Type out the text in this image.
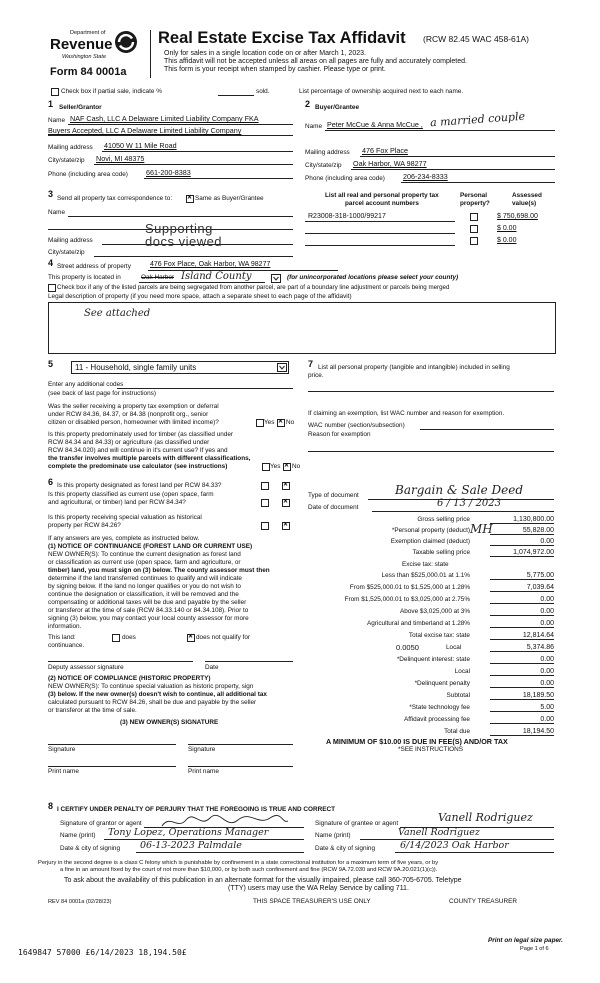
Department of
Revenue
Washington State
Form 84 0001a
Real Estate Excise Tax Affidavit (RCW 82.45 WAC 458-61A)
Only for sales in a single location code on or after March 1, 2023.
This affidavit will not be accepted unless all areas on all pages are fully and accurately completed.
This form is your receipt when stamped by cashier. Please type or print.
Check box if partial sale, indicate %	sold.	List percentage of ownership acquired next to each name.
1 Seller/Grantor
Name NAF Cash, LLC A Delaware Limited Liability Company FKA
Buyers Accepted, LLC A Delaware Limited Liability Company
Mailing address 41050 W 11 Mile Road
City/state/zip Novi, MI 48375
Phone (including area code)	661-200-8383
2 Buyer/Grantee
Name Peter McCue & Anna McCue , a married couple
Mailing address 476 Fox Place
City/state/zip Oak Harbor, WA 98277
Phone (including area code)	206-234-8333
3 Send all property tax correspondence to: ✕	Same as Buyer/Grantee
Name
Supporting
Mailing address	docs viewed
City/state/zip
List all real and personal property tax
parcel account numbers
Personal
property?
Assessed
value(s)
R23008-318-1000/99217	$ 750,698.00
$ 0.00
$ 0.00
4 Street address of property	476 Fox Place, Oak Harbor, WA 98277
This property is located in	Oak Harbor Island County	(for unincorporated locations please select your county)
Check box if any of the listed parcels are being segregated from another parcel, are part of a boundary line adjustment or parcels being merged
Legal description of property (if you need more space, attach a separate sheet to each page of the affidavit)
See attached
5	11 - Household, single family units
Enter any additional codes
(see back of last page for instructions)
Was the seller receiving a property tax exemption or deferral
under RCW 84.36, 84.37, or 84.38 (nonprofit org., senior
citizen or disabled person, homeowner with limited income)?	Yes ✕ No
Is this property predominately used for timber (as classified under
RCW 84.34 and 84.33) or agriculture (as classified under
RCW 84.34.020) and will continue in it's current use? If yes and
the transfer involves multiple parcels with different classifications,
complete the predominate use calculator (see instructions)	Yes ✕ No
7 List all personal property (tangible and intangible) included in selling
price.
If claiming an exemption, list WAC number and reason for exemption.
WAC number (section/subsection)
Reason for exemption
6 Is this property designated as forest land per RCW 84.33?
✕
Is this property classified as current use (open space, farm
and agricultural, or timber) land per RCW 84.34?
✕
Is this property receiving special valuation as historical
property per RCW 84.26?
✕
If any answers are yes, complete as instructed below.
(1) NOTICE OF CONTINUANCE (FOREST LAND OR CURRENT USE)
NEW OWNER(S): To continue the current designation as forest land
or classification as current use (open space, farm and agriculture, or
timber) land, you must sign on (3) below. The county assessor must then
determine if the land transferred continues to qualify and will indicate
by signing below. If the land no longer qualifies or you do not wish to
continue the designation or classification, it will be removed and the
compensating or additional taxes will be due and payable by the seller
or transferor at the time of sale (RCW 84.33.140 or 84.34.108). Prior to
signing (3) below, you may contact your local county assessor for more
information.
This land:	does ✕	does not qualify for
continuance.
Deputy assessor signature	Date
(2) NOTICE OF COMPLIANCE (HISTORIC PROPERTY)
NEW OWNER(S): To continue special valuation as historic property, sign
(3) below. If the new owner(s) doesn't wish to continue, all additional tax
calculated pursuant to RCW 84.26, shall be due and payable by the seller
or transferor at the time of sale.
(3) NEW OWNER(S) SIGNATURE
Signature	Signature
Print name	Print name
Type of document	Bargain & Sale Deed
Date of document	6 / 13 / 2023
Gross selling price	1,130,800.00
*Personal property (deduct)	55,828.00
Exemption claimed (deduct)	0.00
Taxable selling price	1,074,972.00
MH
Excise tax: state
Less than $525,000.01 at 1.1%	5,775.00
From $525,000.01 to $1,525,000 at 1.28%	7,039.64
From $1,525,000.01 to $3,025,000 at 2.75%	0.00
Above $3,025,000 at 3%	0.00
Agricultural and timberland at 1.28%	0.00
Total excise tax: state	12,814.64
0.0050	Local	5,374.86
*Delinquent interest: state	0.00
Local	0.00
*Delinquent penalty	0.00
Subtotal	18,189.50
*State technology fee	5.00
Affidavit processing fee	0.00
Total due	18,194.50
A MINIMUM OF $10.00 IS DUE IN FEE(S) AND/OR TAX
*SEE INSTRUCTIONS
8 I CERTIFY UNDER PENALTY OF PERJURY THAT THE FOREGOING IS TRUE AND CORRECT
Signature of grantor or agent
Name (print) Tony Lopez, Operations Manager
Date & city of signing 06-13-2023 Palmdale
Signature of grantee or agent	Vanell Rodriguez
Name (print)	Vanell Rodriguez
Date & city of signing	6/14/2023 Oak Harbor
Perjury in the second degree is a class C felony which is punishable by confinement in a state correctional institution for a maximum term of five years, or by
a fine in an amount fixed by the court of not more than $10,000, or by both such confinement and fine (RCW 9A.72.030 and RCW 9A.20.021(1)(c)).
To ask about the availability of this publication in an alternate format for the visually impaired, please call 360-705-6705. Teletype
(TTY) users may use the WA Relay Service by calling 711.
REV 84 0001a (02/28/23)	THIS SPACE TREASURER'S USE ONLY	COUNTY TREASURER
Print on legal size paper.
Page 1 of 6
1649847 57000 £6/14/2023 18,194.50£
